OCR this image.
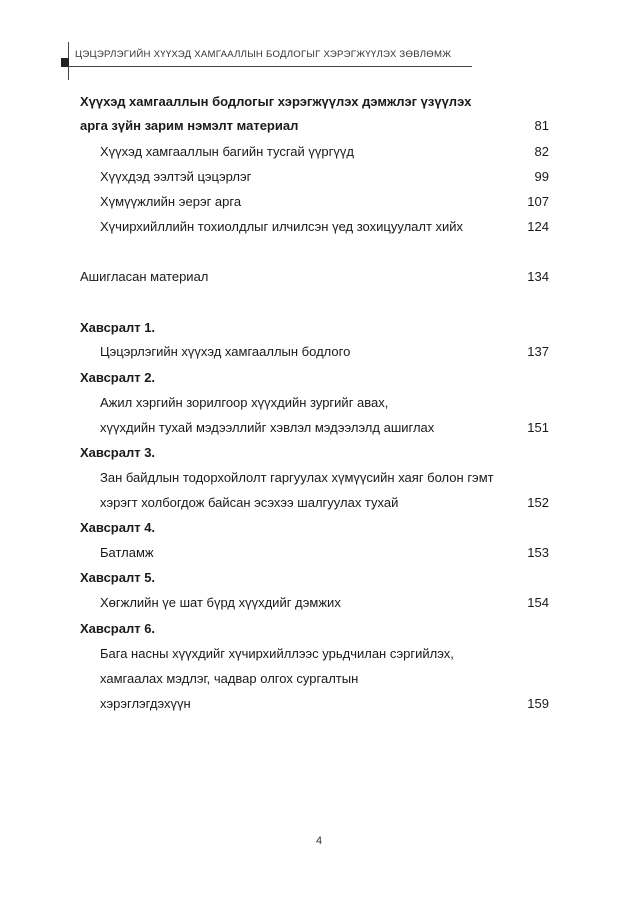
ЦЭЦЭРЛЭГИЙН ХҮҮХЭД ХАМГААЛЛЫН БОДЛОГЫГ ХЭРЭГЖҮҮЛЭХ ЗӨВЛӨМЖ
Хүүхэд хамгааллын бодлогыг хэрэгжүүлэх дэмжлэг үзүүлэх
арга зүйн зарим нэмэлт материал	81
Хүүхэд хамгааллын багийн тусгай үүргүүд	82
Хүүхдэд ээлтэй цэцэрлэг	99
Хүмүүжлийн эерэг арга	107
Хүчирхийллийн тохиолдлыг илчилсэн үед зохицуулалт хийх	124
Ашигласан материал	134
Хавсралт 1.
Цэцэрлэгийн хүүхэд хамгааллын бодлого	137
Хавсралт 2.
Ажил хэргийн зорилгоор хүүхдийн зургийг авах,
хүүхдийн тухай мэдээллийг хэвлэл мэдээлэлд ашиглах	151
Хавсралт 3.
Зан байдлын тодорхойлолт гаргуулах хүмүүсийн хаяг болон гэмт
хэрэгт холбогдож байсан эсэхээ шалгуулах тухай	152
Хавсралт 4.
Батламж	153
Хавсралт 5.
Хөгжлийн үе шат бүрд хүүхдийг дэмжих	154
Хавсралт 6.
Бага насны хүүхдийг хүчирхийллээс урьдчилан сэргийлэх,
хамгаалах мэдлэг, чадвар олгох сургалтын
хэрэглэгдэхүүн	159
4
